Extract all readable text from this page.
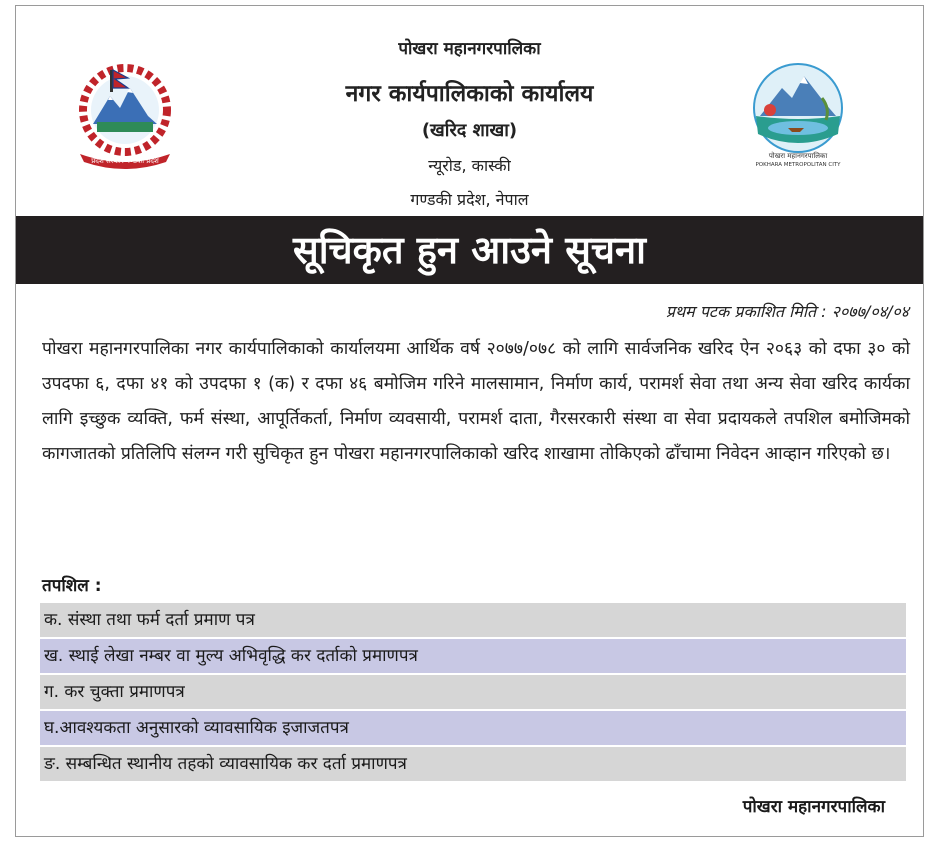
प्रदेश सरकार गण्डकी प्रदेश
पोखरा महानगरपालिका
POKHARA METROPOLITAN CITY
पोखरा महानगरपालिका
नगर कार्यपालिकाको कार्यालय
(खरिद शाखा)
न्यूरोड, कास्की
गण्डकी प्रदेश, नेपाल
सूचिकृत हुन आउने सूचना
प्रथम पटक प्रकाशित मिति : २०७७/०४/०४
पोखरा महानगरपालिका नगर कार्यपालिकाको कार्यालयमा आर्थिक वर्ष २०७७/०७८ को लागि सार्वजनिक खरिद ऐन २०६३ को दफा ३० को उपदफा ६, दफा ४१ को उपदफा १ (क) र दफा ४६ बमोजिम गरिने मालसामान, निर्माण कार्य, परामर्श सेवा तथा अन्य सेवा खरिद कार्यका लागि इच्छुक व्यक्ति, फर्म संस्था, आपूर्तिकर्ता, निर्माण व्यवसायी, परामर्श दाता, गैरसरकारी संस्था वा सेवा प्रदायकले तपशिल बमोजिमको कागजातको प्रतिलिपि संलग्न गरी सुचिकृत हुन पोखरा महानगरपालिकाको खरिद शाखामा तोकिएको ढाँचामा निवेदन आव्हान गरिएको छ।
तपशिल :
क. संस्था तथा फर्म दर्ता प्रमाण पत्र
ख. स्थाई लेखा नम्बर वा मुल्य अभिवृद्धि कर दर्ताको प्रमाणपत्र
ग. कर चुक्ता प्रमाणपत्र
घ.आवश्यकता अनुसारको व्यावसायिक इजाजतपत्र
ङ. सम्बन्धित स्थानीय तहको व्यावसायिक कर दर्ता प्रमाणपत्र
पोखरा महानगरपालिका
